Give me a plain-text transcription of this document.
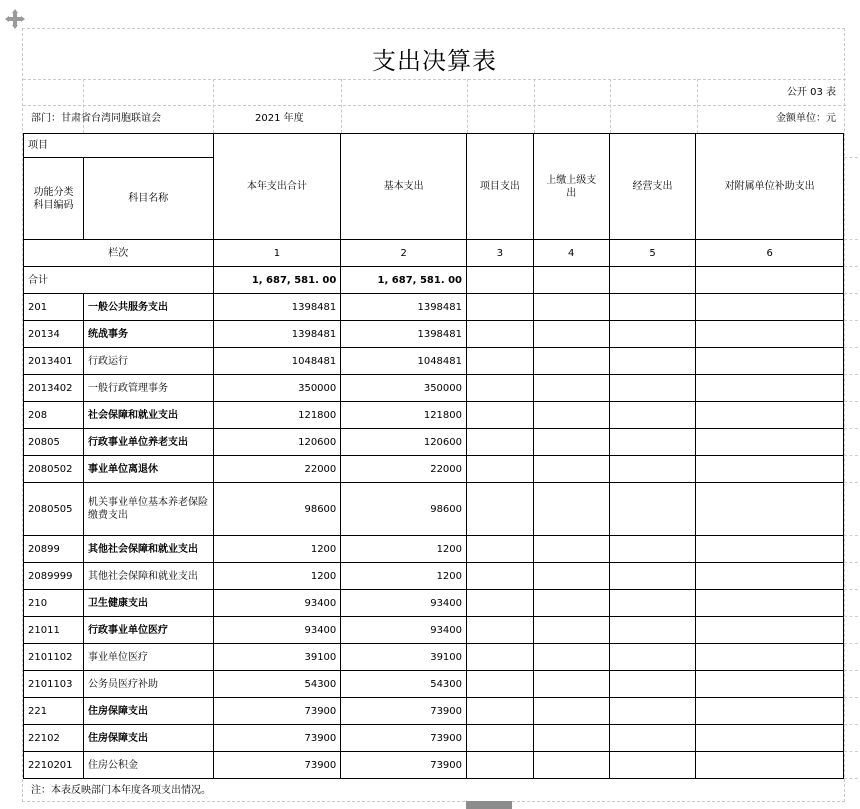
支出决算表
公开 03 表
部门：甘肃省台湾同胞联谊会	2021 年度	金额单位：元
项目		本年支出合计	基本支出	项目支出	上缴上级支出	经营支出	对附属单位补助支出
功能分类科目编码	科目名称						
栏次		1	2	3	4	5	6
合计		1, 687, 581. 00	1, 687, 581. 00				
201	一般公共服务支出	1398481	1398481				
20134	统战事务	1398481	1398481				
2013401	行政运行	1048481	1048481				
2013402	一般行政管理事务	350000	350000				
208	社会保障和就业支出	121800	121800				
20805	行政事业单位养老支出	120600	120600				
2080502	事业单位离退休	22000	22000				
2080505	机关事业单位基本养老保险缴费支出	98600	98600				
20899	其他社会保障和就业支出	1200	1200				
2089999	其他社会保障和就业支出	1200	1200				
210	卫生健康支出	93400	93400				
21011	行政事业单位医疗	93400	93400				
2101102	事业单位医疗	39100	39100				
2101103	公务员医疗补助	54300	54300				
221	住房保障支出	73900	73900				
22102	住房保障支出	73900	73900				
2210201	住房公积金	73900	73900				
注：本表反映部门本年度各项支出情况。
